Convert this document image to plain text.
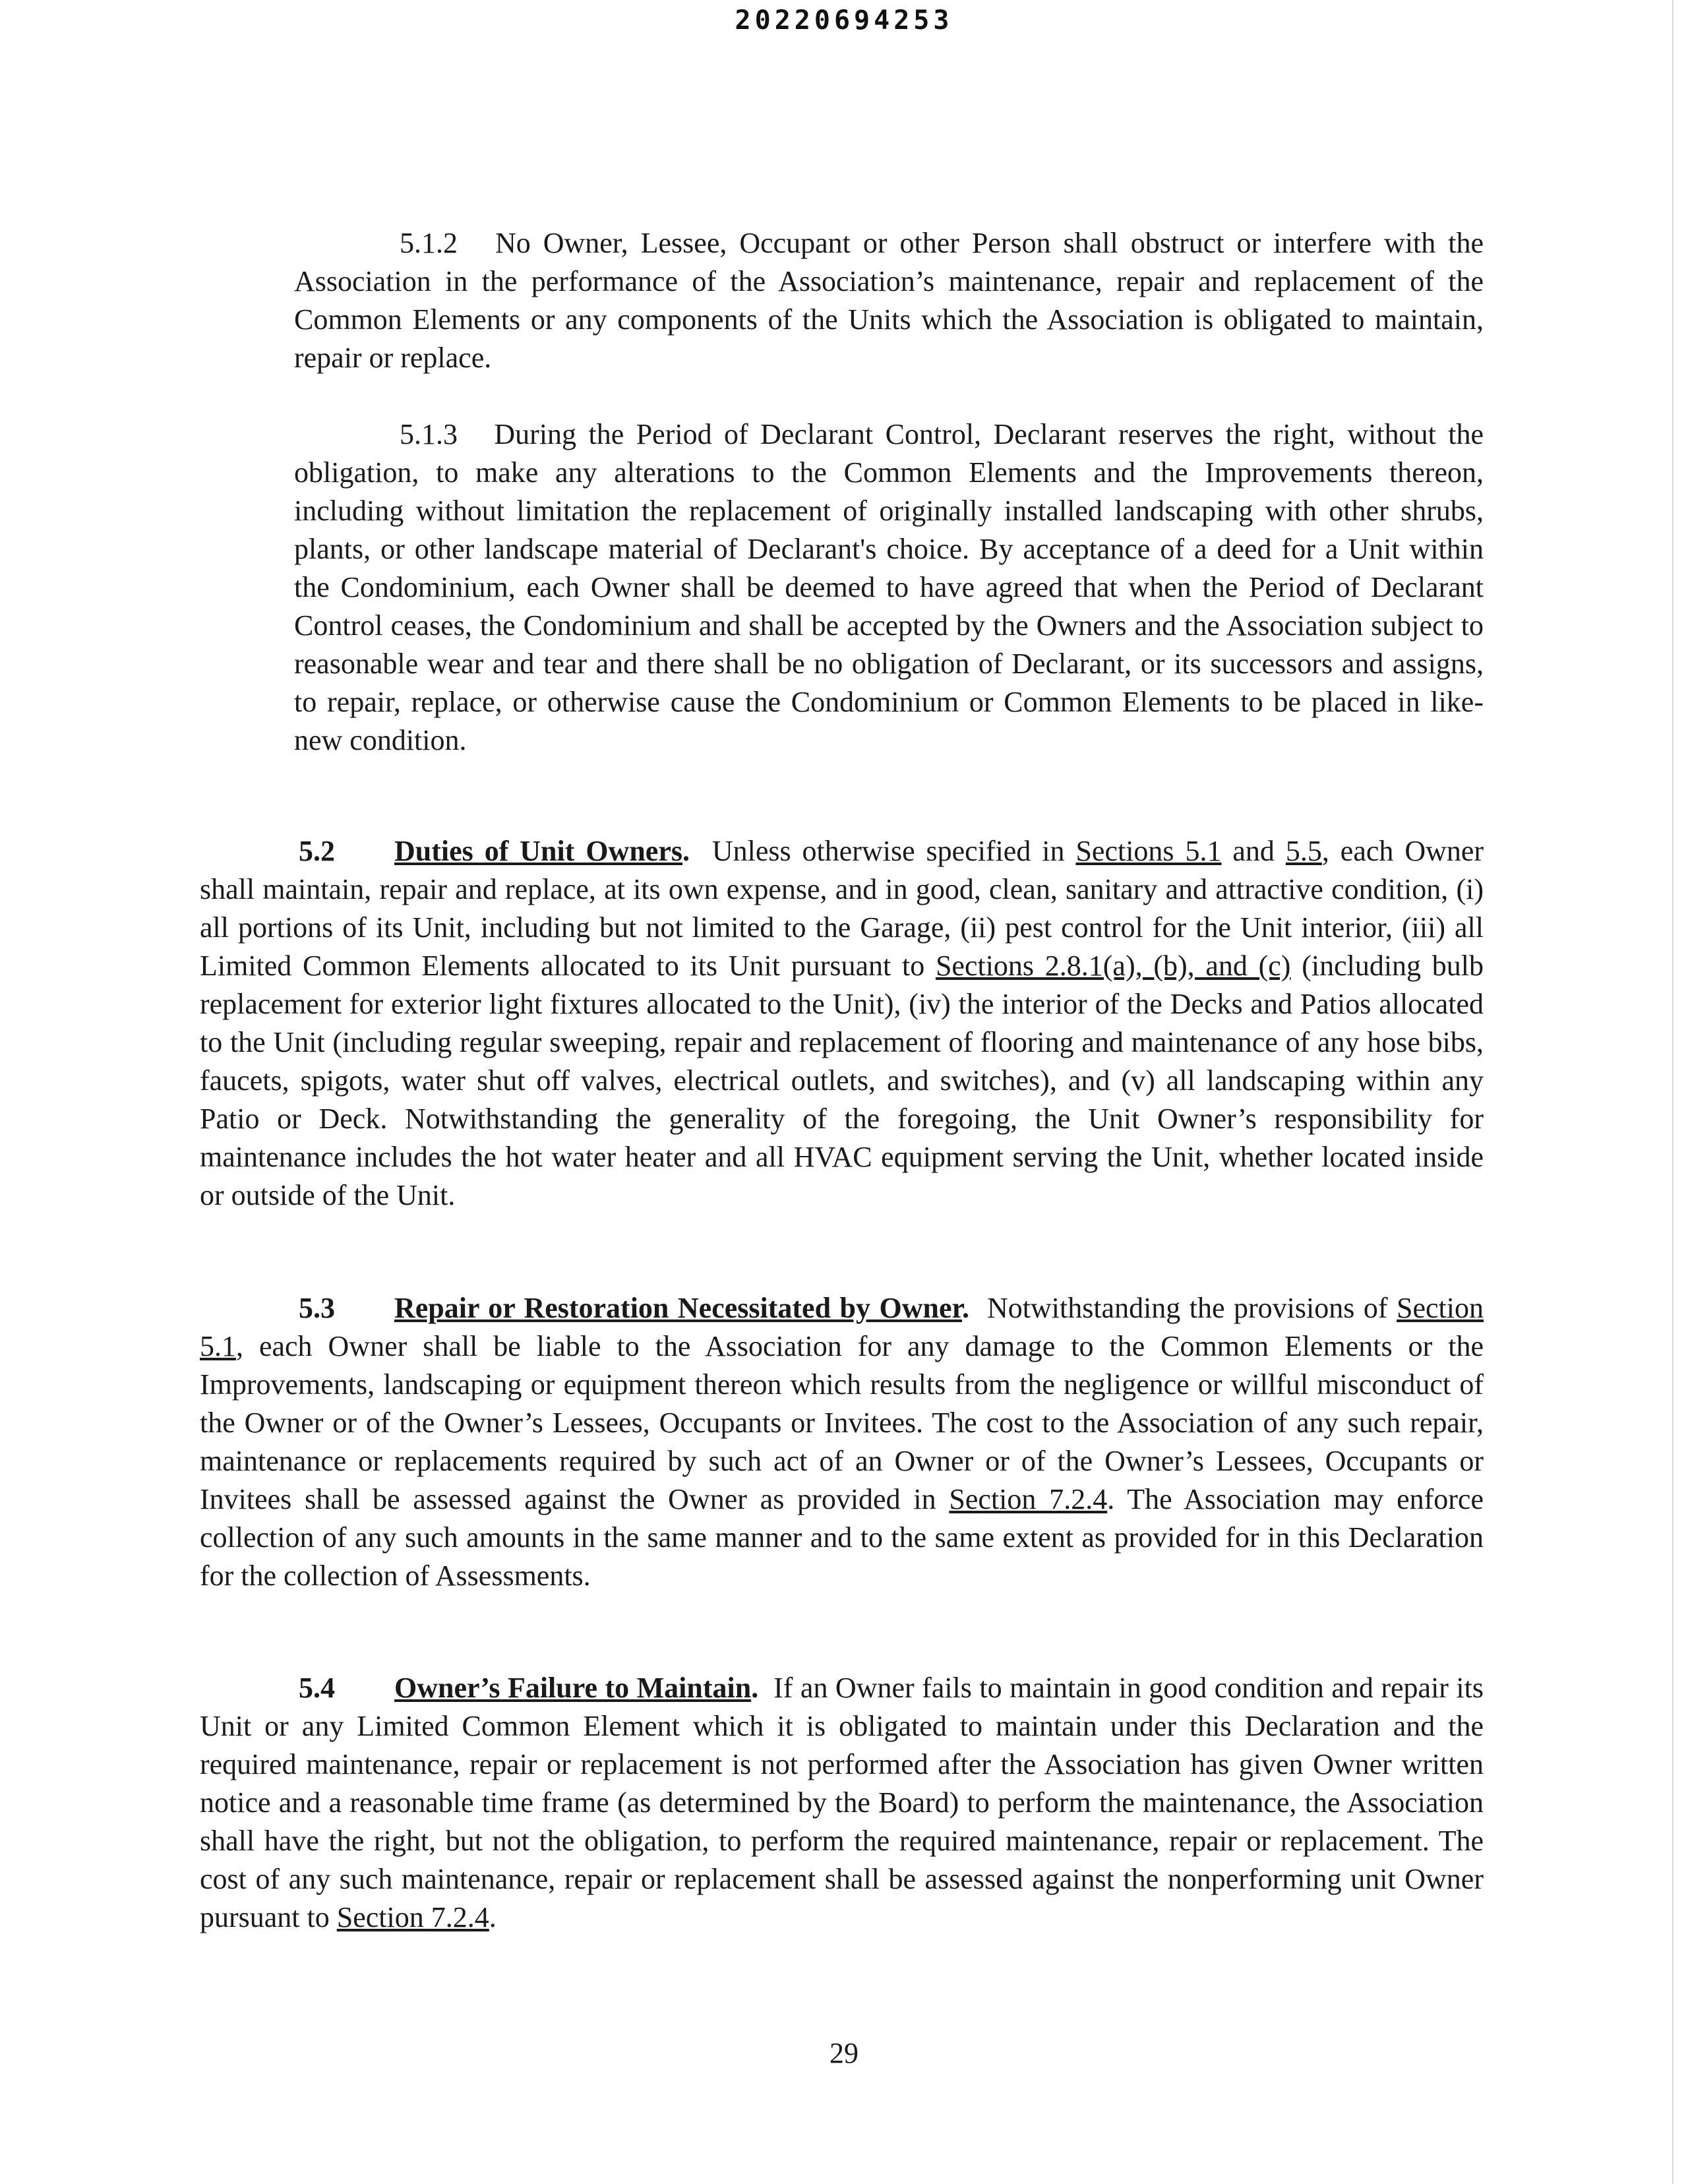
20220694253

5.1.2 No Owner, Lessee, Occupant or other Person shall obstruct or interfere with the Association in the performance of the Association’s maintenance, repair and replacement of the Common Elements or any components of the Units which the Association is obligated to maintain, repair or replace.

5.1.3 During the Period of Declarant Control, Declarant reserves the right, without the obligation, to make any alterations to the Common Elements and the Improvements thereon, including without limitation the replacement of originally installed landscaping with other shrubs, plants, or other landscape material of Declarant's choice. By acceptance of a deed for a Unit within the Condominium, each Owner shall be deemed to have agreed that when the Period of Declarant Control ceases, the Condominium and shall be accepted by the Owners and the Association subject to reasonable wear and tear and there shall be no obligation of Declarant, or its successors and assigns, to repair, replace, or otherwise cause the Condominium or Common Elements to be placed in like-new condition.

5.2 Duties of Unit Owners. Unless otherwise specified in Sections 5.1 and 5.5, each Owner shall maintain, repair and replace, at its own expense, and in good, clean, sanitary and attractive condition, (i) all portions of its Unit, including but not limited to the Garage, (ii) pest control for the Unit interior, (iii) all Limited Common Elements allocated to its Unit pursuant to Sections 2.8.1(a), (b), and (c) (including bulb replacement for exterior light fixtures allocated to the Unit), (iv) the interior of the Decks and Patios allocated to the Unit (including regular sweeping, repair and replacement of flooring and maintenance of any hose bibs, faucets, spigots, water shut off valves, electrical outlets, and switches), and (v) all landscaping within any Patio or Deck. Notwithstanding the generality of the foregoing, the Unit Owner’s responsibility for maintenance includes the hot water heater and all HVAC equipment serving the Unit, whether located inside or outside of the Unit.

5.3 Repair or Restoration Necessitated by Owner. Notwithstanding the provisions of Section 5.1, each Owner shall be liable to the Association for any damage to the Common Elements or the Improvements, landscaping or equipment thereon which results from the negligence or willful misconduct of the Owner or of the Owner’s Lessees, Occupants or Invitees. The cost to the Association of any such repair, maintenance or replacements required by such act of an Owner or of the Owner’s Lessees, Occupants or Invitees shall be assessed against the Owner as provided in Section 7.2.4. The Association may enforce collection of any such amounts in the same manner and to the same extent as provided for in this Declaration for the collection of Assessments.

5.4 Owner’s Failure to Maintain. If an Owner fails to maintain in good condition and repair its Unit or any Limited Common Element which it is obligated to maintain under this Declaration and the required maintenance, repair or replacement is not performed after the Association has given Owner written notice and a reasonable time frame (as determined by the Board) to perform the maintenance, the Association shall have the right, but not the obligation, to perform the required maintenance, repair or replacement. The cost of any such maintenance, repair or replacement shall be assessed against the nonperforming unit Owner pursuant to Section 7.2.4.

29
